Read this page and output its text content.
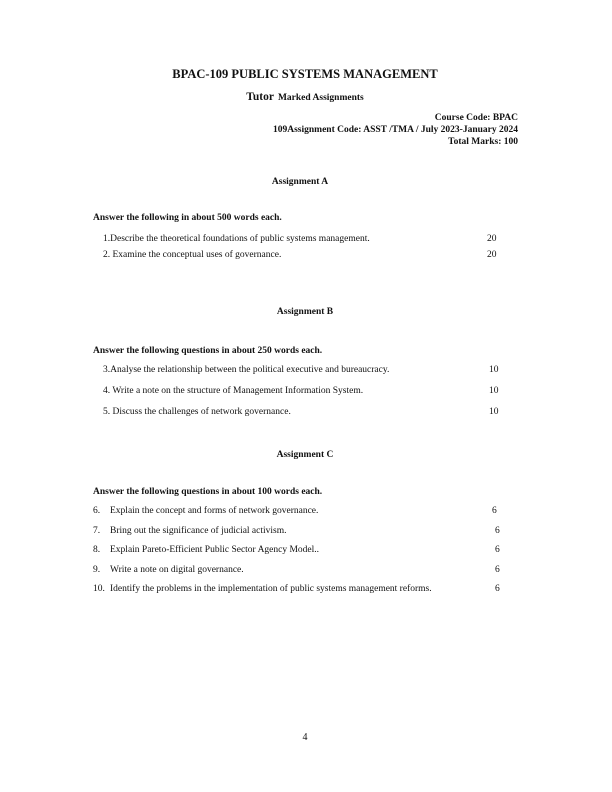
BPAC-109 PUBLIC SYSTEMS MANAGEMENT
Tutor Marked Assignments
Course Code: BPAC
109Assignment Code: ASST /TMA / July 2023-January 2024
Total Marks: 100
Assignment A
Answer the following in about 500 words each.
1.Describe the theoretical foundations of public systems management.	20
2. Examine the conceptual uses of governance.	20
Assignment B
Answer the following questions in about 250 words each.
3.Analyse the relationship between the political executive and bureaucracy.	10
4. Write a note on the structure of Management Information System.	10
5. Discuss the challenges of network governance.	10
Assignment C
Answer the following questions in about 100 words each.
6. Explain the concept and forms of network governance.	6
7. Bring out the significance of judicial activism.	6
8. Explain Pareto-Efficient Public Sector Agency Model..	6
9. Write a note on digital governance.	6
10. Identify the problems in the implementation of public systems management reforms.	6
4
